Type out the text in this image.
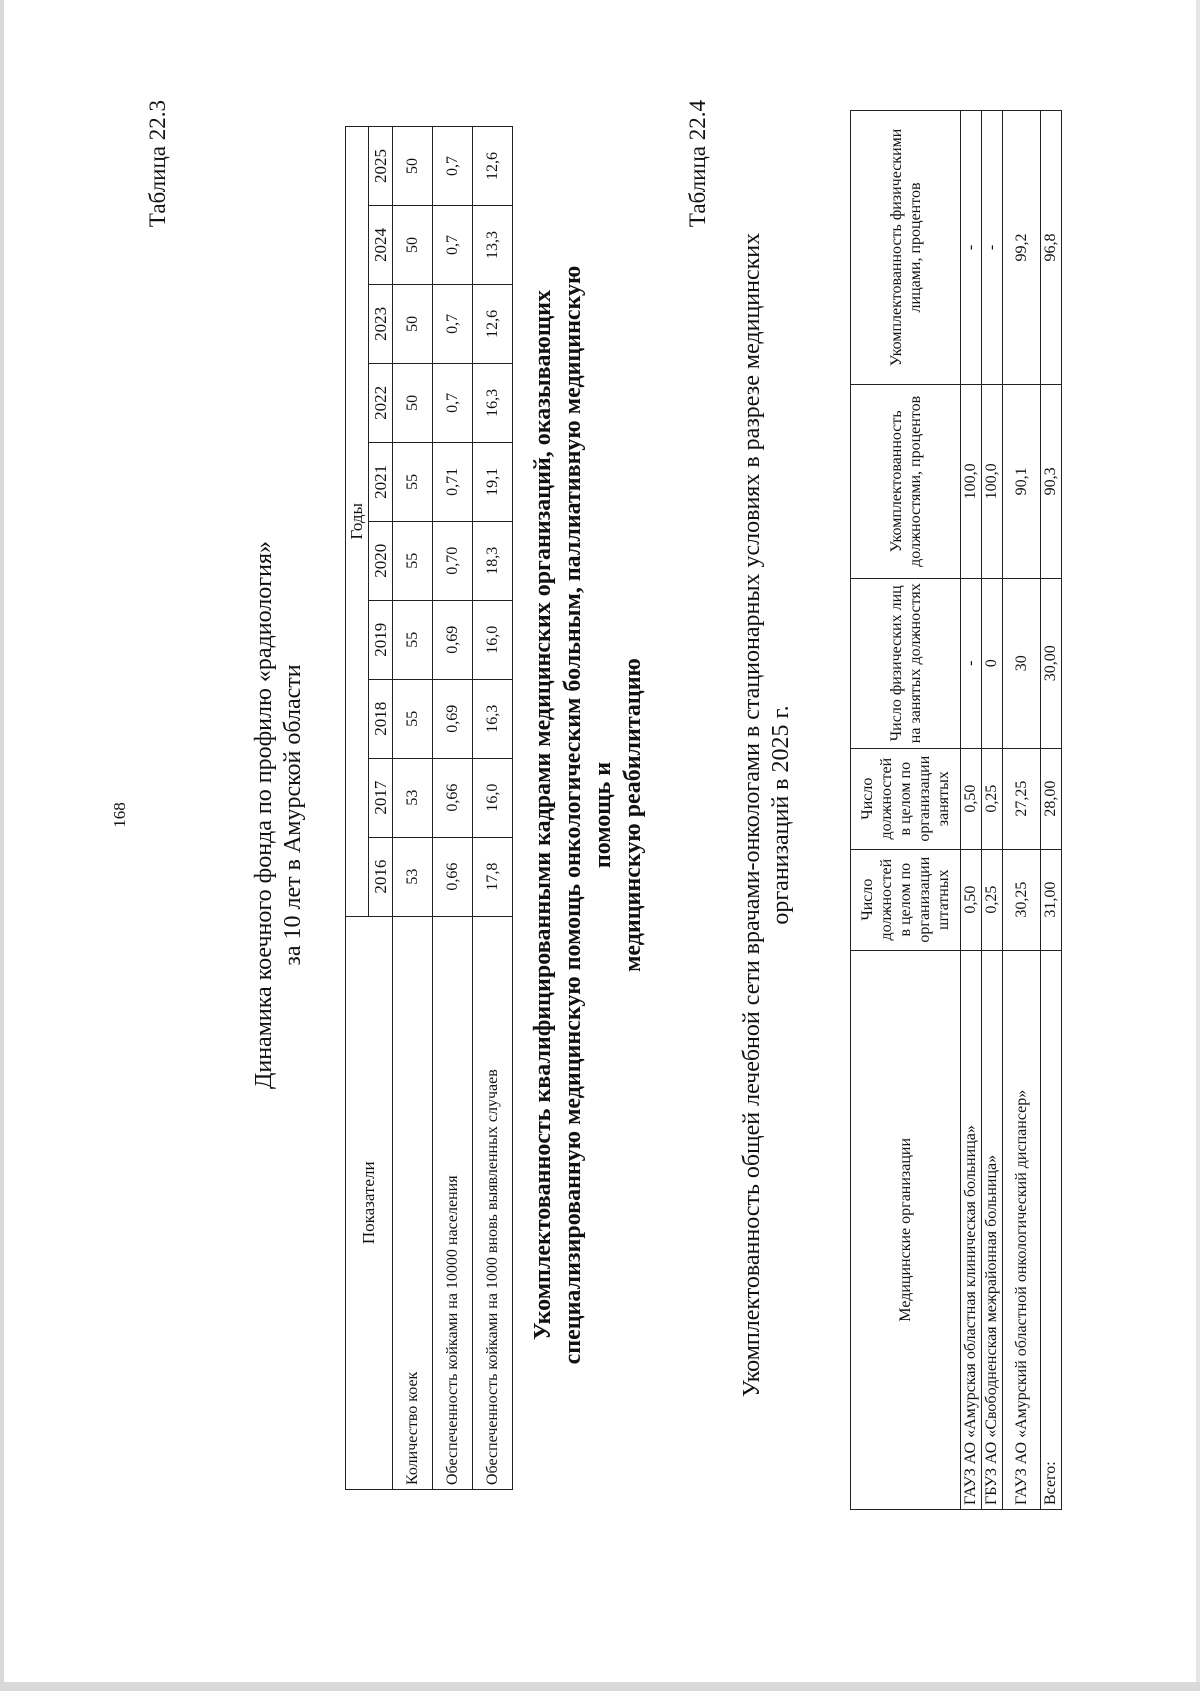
168
Таблица 22.3
Динамика коечного фонда по профилю «радиология» за 10 лет в Амурской области
Показатели	Годы									
	2016	2017	2018	2019	2020	2021	2022	2023	2024	2025
Количество коек	53	53	55	55	55	55	50	50	50	50
Обеспеченность койками на 10000 населения	0,66	0,66	0,69	0,69	0,70	0,71	0,7	0,7	0,7	0,7
Обеспеченность койками на 1000 вновь выявленных случаев	17,8	16,0	16,3	16,0	18,3	19,1	16,3	12,6	13,3	12,6
Укомплектованность квалифицированными кадрами медицинских организаций, оказывающих специализированную медицинскую помощь онкологическим больным, паллиативную медицинскую помощь и медицинскую реабилитацию
Таблица 22.4
Укомплектованность общей лечебной сети врачами-онкологами в стационарных условиях в разрезе медицинских организаций в 2025 г.
Медицинские организации	Число должностей в целом по организации штатных	Число должностей в целом по организации занятых	Число физических лиц на занятых должностях	Укомплектованность должностями, процентов	Укомплектованность физическими лицами, процентов
ГАУЗ АО «Амурская областная клиническая больница»	0,50	0,50	-	100,0	-
ГБУЗ АО «Свободненская межрайонная больница»	0,25	0,25	0	100,0	-
ГАУЗ АО «Амурский областной онкологический диспансер»	30,25	27,25	30	90,1	99,2
Всего:	31,00	28,00	30,00	90,3	96,8
